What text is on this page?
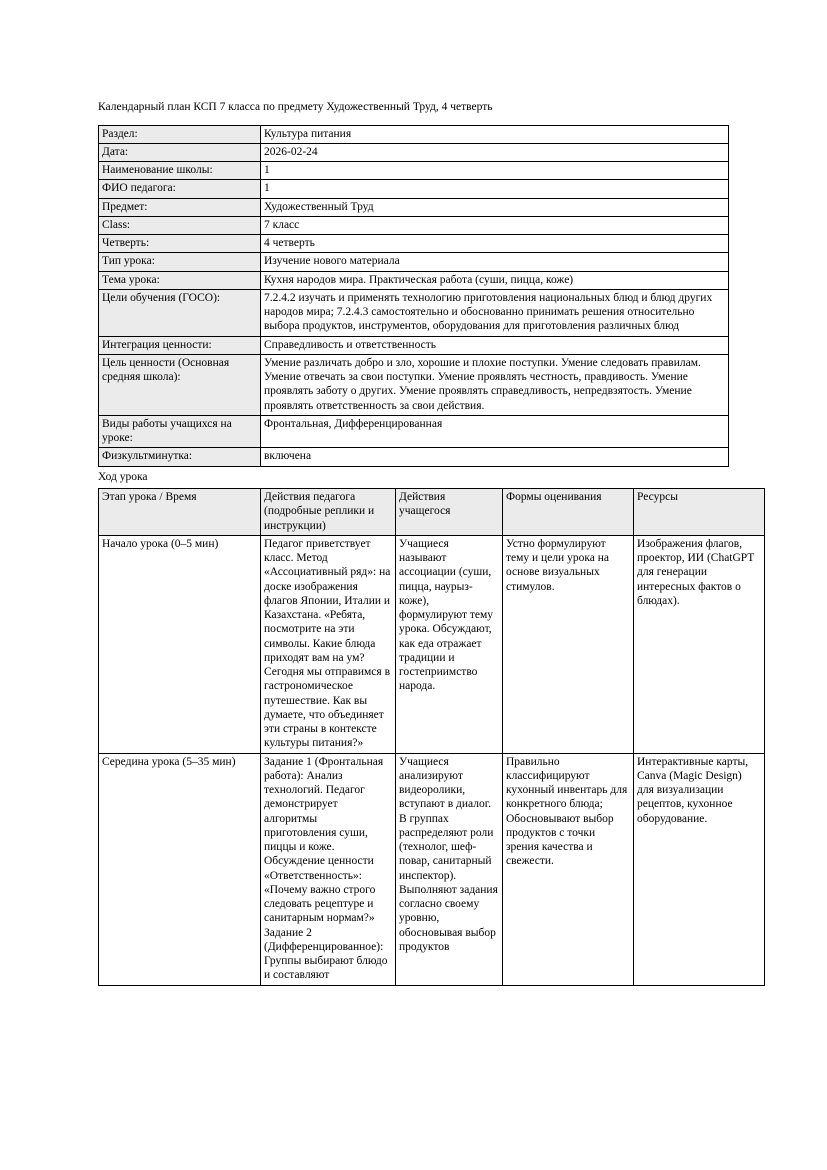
Календарный план КСП 7 класса по предмету Художественный Труд, 4 четверть
Раздел:	Культура питания
Дата:	2026-02-24
Наименование школы:	1
ФИО педагога:	1
Предмет:	Художественный Труд
Class:	7 класс
Четверть:	4 четверть
Тип урока:	Изучение нового материала
Тема урока:	Кухня народов мира. Практическая работа (суши, пицца, коже)
Цели обучения (ГОСО):	7.2.4.2 изучать и применять технологию приготовления национальных блюд и блюд других народов мира; 7.2.4.3 самостоятельно и обоснованно принимать решения относительно выбора продуктов, инструментов, оборудования для приготовления различных блюд
Интеграция ценности:	Справедливость и ответственность
Цель ценности (Основная средняя школа):	Умение различать добро и зло, хорошие и плохие поступки. Умение следовать правилам. Умение отвечать за свои поступки. Умение проявлять честность, правдивость. Умение проявлять заботу о других. Умение проявлять справедливость, непредвзятость. Умение проявлять ответственность за свои действия.
Виды работы учащихся на уроке:	Фронтальная, Дифференцированная
Физкультминутка:	включена
Ход урока
Этап урока / Время	Действия педагога (подробные реплики и инструкции)	Действия учащегося	Формы оценивания	Ресурсы
Начало урока (0–5 мин)	Педагог приветствует класс. Метод «Ассоциативный ряд»: на доске изображения флагов Японии, Италии и Казахстана. «Ребята, посмотрите на эти символы. Какие блюда приходят вам на ум? Сегодня мы отправимся в гастрономическое путешествие. Как вы думаете, что объединяет эти страны в контексте культуры питания?»	Учащиеся называют ассоциации (суши, пицца, наурыз-коже), формулируют тему урока. Обсуждают, как еда отражает традиции и гостеприимство народа.	Устно формулируют тему и цели урока на основе визуальных стимулов.	Изображения флагов, проектор, ИИ (ChatGPT для генерации интересных фактов о блюдах).
Середина урока (5–35 мин)	Задание 1 (Фронтальная работа): Анализ технологий. Педагог демонстрирует алгоритмы приготовления суши, пиццы и коже. Обсуждение ценности «Ответственность»: «Почему важно строго следовать рецептуре и санитарным нормам?» Задание 2 (Дифференцированное): Группы выбирают блюдо и составляют	Учащиеся анализируют видеоролики, вступают в диалог. В группах распределяют роли (технолог, шеф-повар, санитарный инспектор). Выполняют задания согласно своему уровню, обосновывая выбор продуктов	Правильно классифицируют кухонный инвентарь для конкретного блюда; Обосновывают выбор продуктов с точки зрения качества и свежести.	Интерактивные карты, Canva (Magic Design) для визуализации рецептов, кухонное оборудование.
